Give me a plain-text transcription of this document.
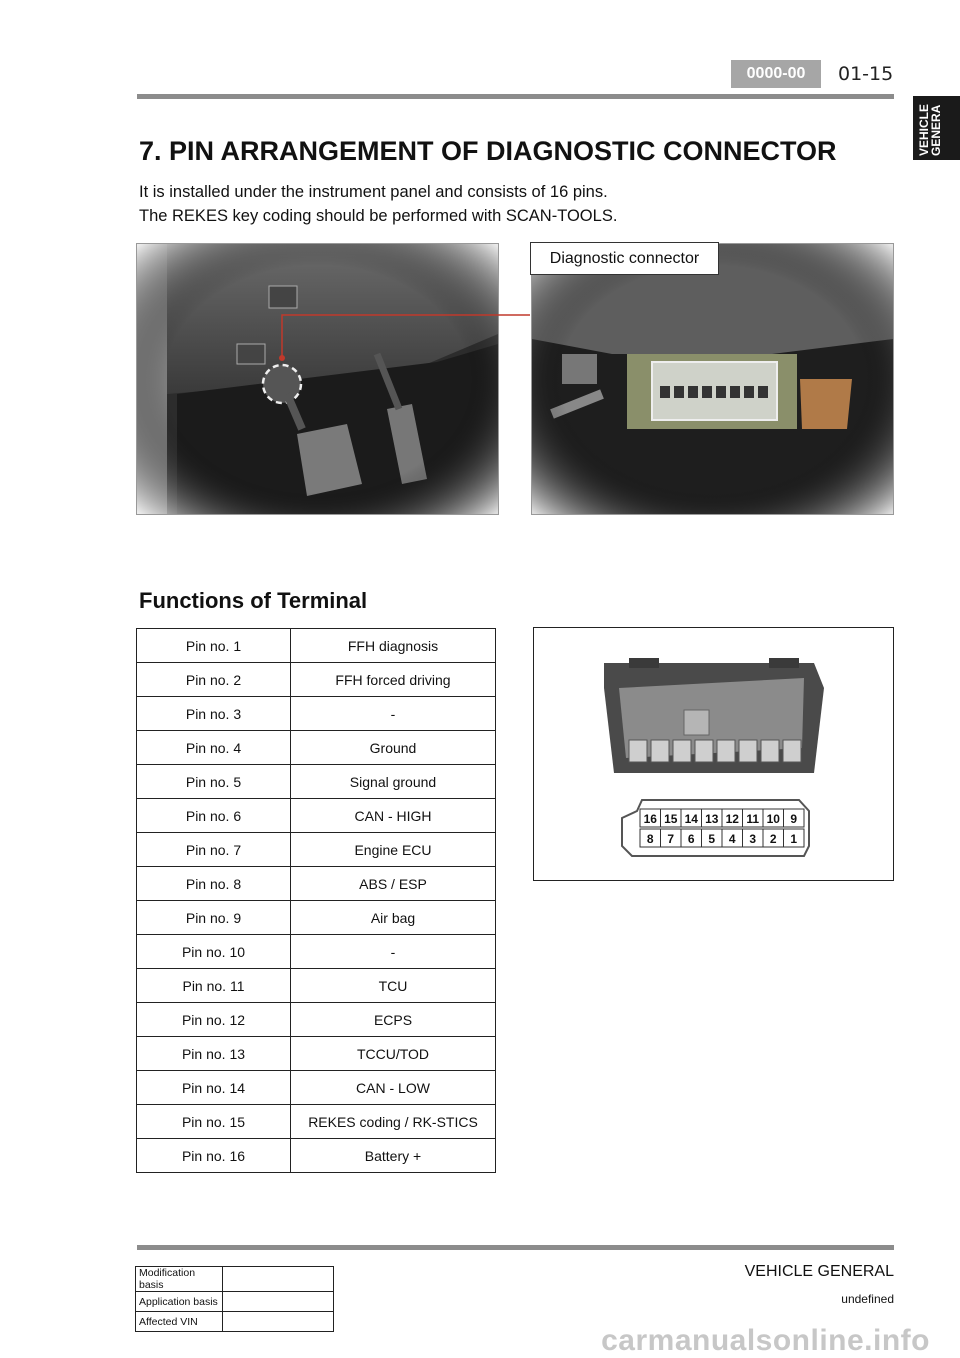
0000-00	01-15
VEHICLE
GENERA
7. PIN ARRANGEMENT OF DIAGNOSTIC CONNECTOR
It is installed under the instrument panel and consists of 16 pins.
The REKES key coding should be performed with SCAN-TOOLS.
Diagnostic connector
Functions of Terminal
Pin no. 1	FFH diagnosis
Pin no. 2	FFH forced driving
Pin no. 3	-
Pin no. 4	Ground
Pin no. 5	Signal ground
Pin no. 6	CAN - HIGH
Pin no. 7	Engine ECU
Pin no. 8	ABS / ESP
Pin no. 9	Air bag
Pin no. 10	-
Pin no. 11	TCU
Pin no. 12	ECPS
Pin no. 13	TCCU/TOD
Pin no. 14	CAN - LOW
Pin no. 15	REKES coding / RK-STICS
Pin no. 16	Battery +
16 15 14 13 12 11 10 9
8 7 6 5 4 3 2 1
Modification basis	
Application basis	
Affected VIN	
VEHICLE GENERAL
undefined
carmanualsonline.info
